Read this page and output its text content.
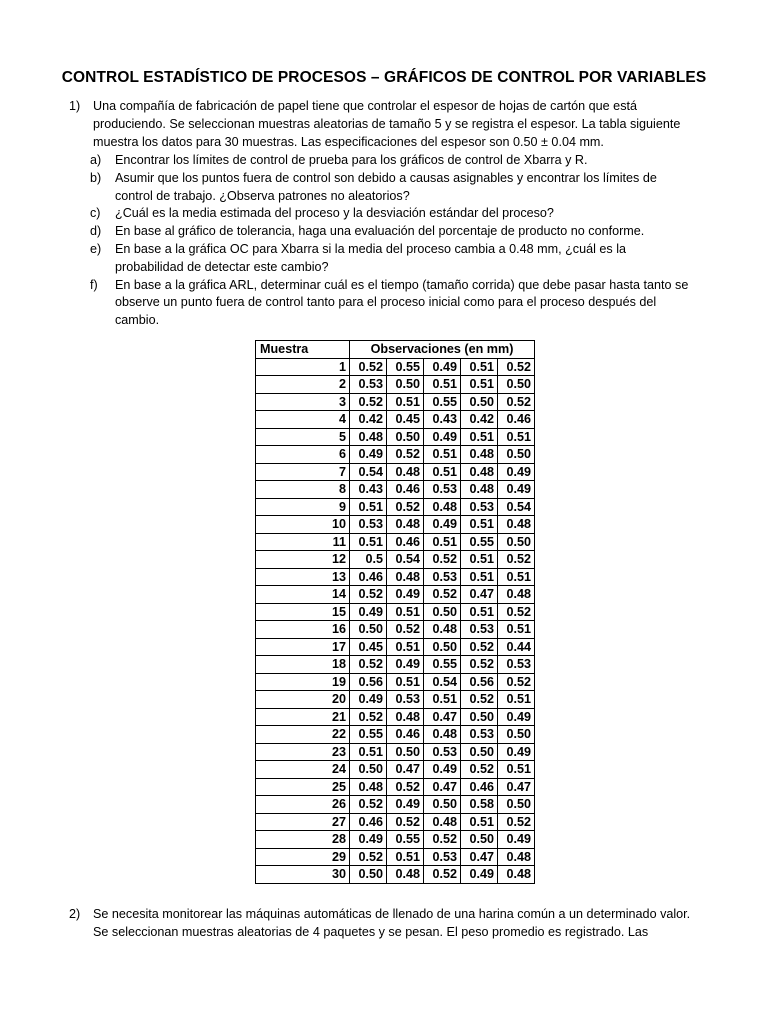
CONTROL ESTADÍSTICO DE PROCESOS – GRÁFICOS DE CONTROL POR VARIABLES
1) Una compañía de fabricación de papel tiene que controlar el espesor de hojas de cartón que está produciendo. Se seleccionan muestras aleatorias de tamaño 5 y se registra el espesor. La tabla siguiente muestra los datos para 30 muestras. Las especificaciones del espesor son 0.50 ± 0.04 mm.
a) Encontrar los límites de control de prueba para los gráficos de control de Xbarra y R.
b) Asumir que los puntos fuera de control son debido a causas asignables y encontrar los límites de control de trabajo. ¿Observa patrones no aleatorios?
c) ¿Cuál es la media estimada del proceso y la desviación estándar del proceso?
d) En base al gráfico de tolerancia, haga una evaluación del porcentaje de producto no conforme.
e) En base a la gráfica OC para Xbarra si la media del proceso cambia a 0.48 mm, ¿cuál es la probabilidad de detectar este cambio?
f) En base a la gráfica ARL, determinar cuál es el tiempo (tamaño corrida) que debe pasar hasta tanto se observe un punto fuera de control tanto para el proceso inicial como para el proceso después del cambio.
Muestra	Observaciones (en mm)				
1	0.52	0.55	0.49	0.51	0.52
2	0.53	0.50	0.51	0.51	0.50
3	0.52	0.51	0.55	0.50	0.52
4	0.42	0.45	0.43	0.42	0.46
5	0.48	0.50	0.49	0.51	0.51
6	0.49	0.52	0.51	0.48	0.50
7	0.54	0.48	0.51	0.48	0.49
8	0.43	0.46	0.53	0.48	0.49
9	0.51	0.52	0.48	0.53	0.54
10	0.53	0.48	0.49	0.51	0.48
11	0.51	0.46	0.51	0.55	0.50
12	0.5	0.54	0.52	0.51	0.52
13	0.46	0.48	0.53	0.51	0.51
14	0.52	0.49	0.52	0.47	0.48
15	0.49	0.51	0.50	0.51	0.52
16	0.50	0.52	0.48	0.53	0.51
17	0.45	0.51	0.50	0.52	0.44
18	0.52	0.49	0.55	0.52	0.53
19	0.56	0.51	0.54	0.56	0.52
20	0.49	0.53	0.51	0.52	0.51
21	0.52	0.48	0.47	0.50	0.49
22	0.55	0.46	0.48	0.53	0.50
23	0.51	0.50	0.53	0.50	0.49
24	0.50	0.47	0.49	0.52	0.51
25	0.48	0.52	0.47	0.46	0.47
26	0.52	0.49	0.50	0.58	0.50
27	0.46	0.52	0.48	0.51	0.52
28	0.49	0.55	0.52	0.50	0.49
29	0.52	0.51	0.53	0.47	0.48
30	0.50	0.48	0.52	0.49	0.48
2) Se necesita monitorear las máquinas automáticas de llenado de una harina común a un determinado valor. Se seleccionan muestras aleatorias de 4 paquetes y se pesan. El peso promedio es registrado. Las
